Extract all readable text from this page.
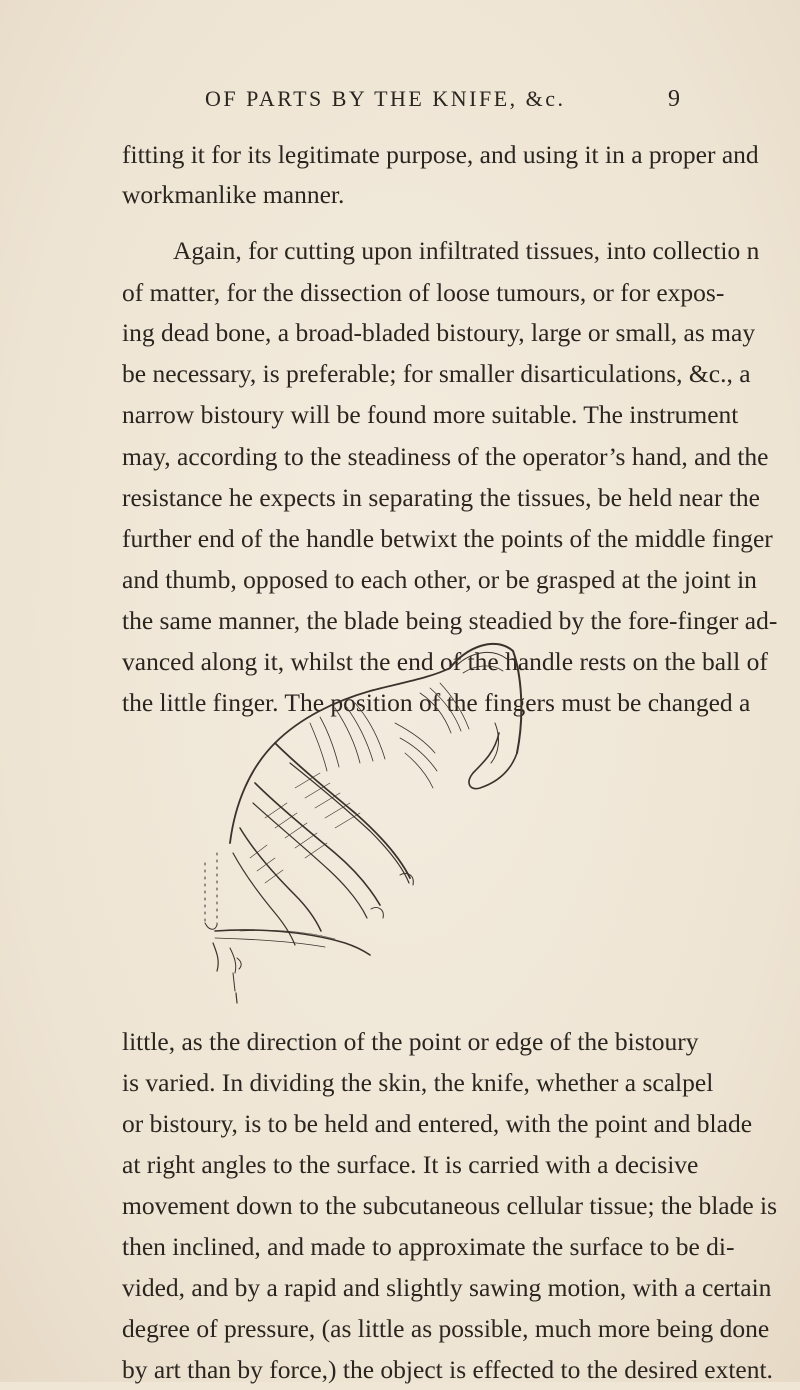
OF PARTS BY THE KNIFE, &c.	9
fitting it for its legitimate purpose, and using it in a proper and
workmanlike manner.
Again, for cutting upon infiltrated tissues, into collectio n
of matter, for the dissection of loose tumours, or for expos-
ing dead bone, a broad-bladed bistoury, large or small, as may
be necessary, is preferable; for smaller disarticulations, &c., a
narrow bistoury will be found more suitable. The instrument
may, according to the steadiness of the operator’s hand, and the
resistance he expects in separating the tissues, be held near the
further end of the handle betwixt the points of the middle finger
and thumb, opposed to each other, or be grasped at the joint in
the same manner, the blade being steadied by the fore-finger ad-
vanced along it, whilst the end of the handle rests on the ball of
the little finger. The position of the fingers must be changed a
little, as the direction of the point or edge of the bistoury
is varied. In dividing the skin, the knife, whether a scalpel
or bistoury, is to be held and entered, with the point and blade
at right angles to the surface. It is carried with a decisive
movement down to the subcutaneous cellular tissue; the blade is
then inclined, and made to approximate the surface to be di-
vided, and by a rapid and slightly sawing motion, with a certain
degree of pressure, (as little as possible, much more being done
by art than by force,) the object is effected to the desired extent.
